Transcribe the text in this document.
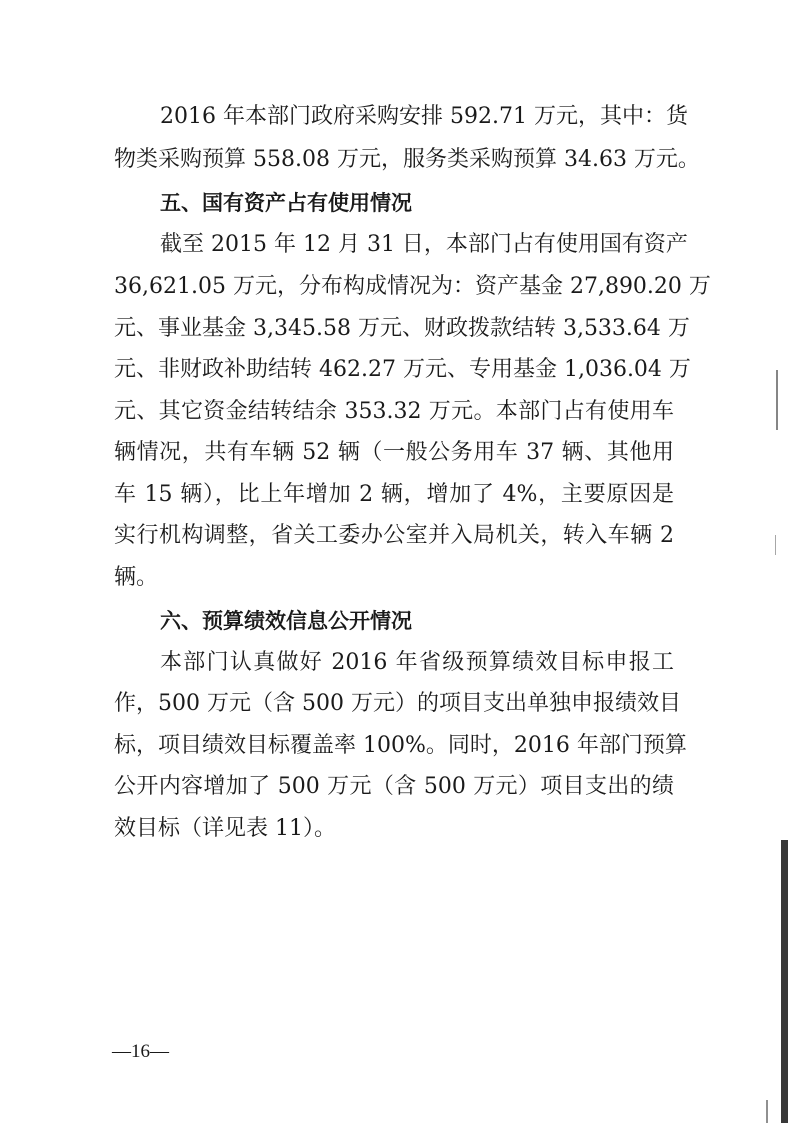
2016 年本部门政府采购安排 592.71 万元，其中：货
物类采购预算 558.08 万元，服务类采购预算 34.63 万元。
五、国有资产占有使用情况
截至 2015 年 12 月 31 日，本部门占有使用国有资产
36,621.05 万元，分布构成情况为：资产基金 27,890.20 万
元、事业基金 3,345.58 万元、财政拨款结转 3,533.64 万
元、非财政补助结转 462.27 万元、专用基金 1,036.04 万
元、其它资金结转结余 353.32 万元。本部门占有使用车
辆情况，共有车辆 52 辆（一般公务用车 37 辆、其他用
车 15 辆），比上年增加 2 辆，增加了 4%，主要原因是
实行机构调整，省关工委办公室并入局机关，转入车辆 2
辆。
六、预算绩效信息公开情况
本部门认真做好 2016 年省级预算绩效目标申报工
作，500 万元（含 500 万元）的项目支出单独申报绩效目
标，项目绩效目标覆盖率 100%。同时，2016 年部门预算
公开内容增加了 500 万元（含 500 万元）项目支出的绩
效目标（详见表 11）。
—16—
